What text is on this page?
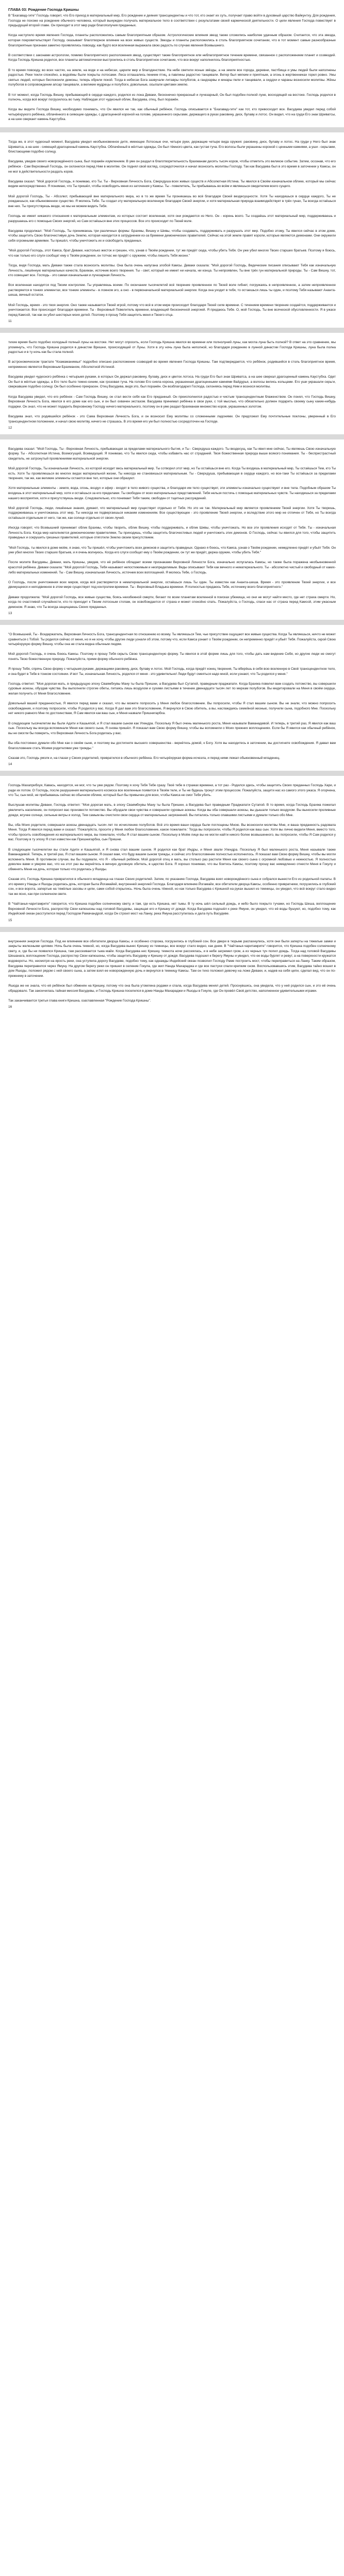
ГЛАВА 03: Рождение Господа Кришны

В "Бхагавад-гите" Господь говорит, что Его приход в материальный мир, Его рождение и деяния трансцендентны и что тот, кто знает их суть, получает право войти в духовный царство Вайкунтху. Для рождения, Господа не похоже на рождение обычного человека, который вынужден получать материальное тело в соответствии с результатами своей кармической деятельности. О цели явления Господа повествует в предыдущей второй главе. Он приходит в этот мир ради благополучия преданных.

Когда наступило время явления Господа, планеты расположились самым благоприятным образом. Астрологические влияния звезд также сложились наиболее удачным образом. Считается, что эта звезда, которая покровительствует Господу, оказывает благотворное влияние на всех живых существ. Звезды и планеты расположились в столь благоприятном сочетании, что в тот момент самые разнообразные благоприятные признаки заметно проявлялись повсюду, как будто вся вселенная выражала свою радость по случаю явления Всевышнего.

В соответствии с законами астрологии, помимо благоприятного расположения звезд, существует также благоприятное или неблагоприятное течение времени, связанное с расположением планет и созвездий. Когда Господь Кришна родился, все планеты автоматически выстроились в столь благоприятное сочетание, что все вокруг наполнилось благоприятностью.

В то время повсюду, во всех частях, на земле, на воде и на небесах, царили мир и благоденствие. На небе светили ясные звёзды, а на земле все города, деревни, пастбища и умы людей были наполнены радостью. Реки текли спокойно, а водоёмы были покрыты лотосами. Леса оглашались пением птиц, а павлины радостно танцевали. Ветер был мягким и приятным, а огонь в жертвенниках горел ровно. Умы святых людей, которых беспокоили демоны, теперь обрели покой. Тогда в небесах Бога зазвучали литавры полубогов, а гандхарвы и кинары пели и танцевали, а сиддхи и чараны возносили молитвы. Жёны полубогов в сопровождении апсар танцевали, а великие мудрецы и полубоги, довольные, осыпали цветами землю.

В тот момент, когда Господь Вишну, пребывающий в сердце каждого, родился из лона Деваки, бесконечно прекрасный и лучезарный, Он был подобен полной луне, восходящей на востоке. Господь родился в полночь, когда всё вокруг погрузилось во тьму. Наблюдая этот чудесный облик, Васудева, отец, был поражён.

Когда вы видите Господа Вишну, необходимо понимать, что Он явился не так, как обычный ребёнок. Господь описывается в "Бхагавад-гите" как тот, кто превосходит все. Васудева увидел перед собой четырёхрукого ребёнка, облачённого в сияющие одежды, с драгоценной короной на голове, украшенного серьгами, держащего в руках раковину, диск, булаву и лотос. Он видел, что на груди Его знак Шриватсы, а на шее сверкает камень Каустубха.

Тогда же, в этот чудесный момент, Васудева увидел необыкновенное дитя, имеющее Лотосные очи, четыре руки, держащие четыре вида оружия: раковину, диск, булаву и лотос. На груди у Него был знак Шриватса, а на шее - сияющий драгоценный камень Каустубха. Облачённый в жёлтые одежды, Он был тёмного цвета, как густая туча. Его волосы были украшены короной с ценными камнями, а уши - серьгами, блистающими подобно солнцу.

Васудева, увидев своего новорождённого сына, был поражён изумлением. В уме он раздал в благотворительность брахманам десять тысяч коров, чтобы отметить это великое событие. Затем, осознав, что его ребёнок - Сам Верховный Господь, он склонился перед Ним в молитве. Он поднял свой взгляд, сосредоточился и начал возносить молитвы Господу. Так как Васудева был в это время в заточении у Камсы, он не мог в действительности раздать коров.

Васудева сказал: "Мой дорогой Господь, я понимаю, кто Ты. Ты - Верховная Личность Бога, Сверхдуша всех живых существ и Абсолютная Истина. Ты явился в Своём изначальном облике, который мы сейчас видим непосредственно. Я понимаю, что Ты пришёл, чтобы освободить меня из заточения у Камсы. Ты - повелитель, Ты пребываешь во всём и являешься свидетелем всего сущего.

Мой дорогой Господь, Ты - Абсолют, пребывающий вне материального мира, но в то же время Ты проникаешь во всё благодаря Своей вездесущности. Хотя Ты находишься в сердце каждого, Ты не рождаешься, как обыкновенное существо. Я молюсь Тебе. Ты создал эту материальную вселенную благодаря Своей энергии, и хотя материальная природа взаимодействует в трёх гунах, Ты всегда остаёшься вне них. Ты присутствуешь везде, но мы не можем видеть Тебя.

Господь не имеет никакого отношения к материальным элементам, из которых состоит вселенная, хотя они рождаются из Него. Он - корень всего. Ты создаёшь этот материальный мир, поддерживаешь и разрушаешь его с помощью Своих энергий, но Сам остаёшься вне этих процессов. Все это происходит по Твоей воле.

Васудева продолжал: "Мой Господь, Ты принимаешь три различных формы: Брахмы, Вишну и Шивы, чтобы создавать, поддерживать и разрушать этот мир. Подобно этому, Ты явился сейчас в этом доме, чтобы защитить Свою благочестивую дочь Землю, которая находится в затруднении из-за бремени демонических правителей. Сейчас на этой земле правят короли, которые являются демонами. Они окружили себя огромными армиями. Ты пришёл, чтобы уничтожить их и освободить преданных.

"Мой дорогой Господь, этот Камса, брат Деваки, настолько жесток и грешен, что, узнав о Твоём рождении, тут же придёт сюда, чтобы убить Тебя. Он уже убил многих Твоих старших братьев. Поэтому я боюсь, что как только его слуги сообщат ему о Твоём рождении, он тотчас же придёт с оружием, чтобы лишить Тебя жизни."

Тогда, видя Господа, мать Деваки также стала возносить молитвы. Она была очень напугана злобой Камсы. Деваки сказала: "Мой дорогой Господь, Ведические писания описывают Тебя как изначальную Личность, лишённую материальных качеств, Брахман, источник всего творения. Ты - свет, который не имеет ни начала, ни конца. Ты непроявлен, Ты вне трёх гун материальной природы. Ты - Сам Вишну, тот, кто освещает все. Господь - это самая изначальная и лучезарная Личность.

Вся вселенная находится под Твоим контролем. Ты управляешь всеми. По окончании тысячелетий всё творение проявленное по Твоей воле гибнет, погружаясь в непроявленное, а затем непроявленное растворяется в тонких элементах, все тонкие элементы - в ложном эго, а оно - в первоначальной материальной энергии. Когда она уходит в тебя, то остаешься лишь ты один, и поэтому Тебя называют Ананта-шеша, вечный остаток.

Мой Господь, время - это твоя энергия. Оно также называется Твоей игрой, потому что всё в этом мире происходит благодаря Твоей силе времени. С течением времени творение создаётся, поддерживается и уничтожается. Все происходит благодаря времени. Ты - Верховный Повелитель времени, владеющий бесконечной энергией. Я предаюсь Тебе. О, мой Господь, Ты вне всяческой обусловленности. Я в ужасе перед Камсой, так как он убил шестерых моих детей. Поэтому я прошу Тебя защитить меня и Твоего отца.

11

тихие время было подобно холодный полный луны на востоке. Нет могут спросить, если Господь Кришна явился во времени или полнолуний луны, как могла луна быть полной? В ответ на это сравнение, мы упомянуть, что Господь Кришна родился в династии Вришни, происходящей от Луны. Хотя в эту ночь луна была неполной, но благодаря рождению в лунной династии Господа Кришны, луна была полна радостью и в ту ночь как бы стала полной.

В астрономическом трактате "Кхамаманиккья" подробно описано расположение созвездий во время явления Господа Кришны. Там подтверждается, что ребёнок, родившийся в столь благоприятное время, непременно является Верховным Брахманом, Абсолютной Истиной.

Васудева увидел чудесного ребёнка с четырьмя руками, в которых Он держал раковину, булаву, диск и цветок лотоса. На груди Его был знак Шриватса, а на шее сверкал драгоценный камень Каустубха. Одет Он был в жёлтые одежды, а Его тело было темно-синим, как грозовая туча. На голове Его сияла корона, украшенная драгоценными камнями Вайдурья, а волосы вились кольцами. Его уши украшали серьги, сверкавшие подобно солнцу. Он был особенно прекрасен. Отец Васудева, видя это, был поражён. Он возблагодарил Господа, склоняясь перед Ним и вознося молитвы.

Когда Васудева увидел, что его ребёнок - Сам Господь Вишну, он стал вести себя как Его преданный. Он преисполнился радостью и чистым трансцендентным блаженством. Он понял, что Господь Вишну, Верховная Личность Бога, явился в его доме как его сын, и он был охвачен экстазом. Васудева принимал ребёнка в свои руки, с той мыслью, что обязательно должен подарить своему сыну какие-нибудь подарки. Он знал, что не может подарить Верховному Господу ничего материального, поэтому он в уме раздал брахманам множество коров, украшенных золотом.

Васудева знал, что родившийся ребёнок - это Сама Верховная Личность Бога, и он возносил Ему молитвы со сложенными ладонями. Он предложил Ему почтительные поклоны, уверенный в Его трансцендентном положении, и начал свою молитву, ничего не страшась. В это время его ум был полностью сосредоточен на Господе.

12

Васудева сказал: "Мой Господь, Ты - Верховная Личность, пребывающая за пределами материального бытия, и Ты - Сверхдуша каждого. Ты вездесущ, как Ты явил мне сейчас, Ты являешь Свою изначальную форму. Ты - Абсолютная Истина, Всемогущий, Всеведущий. Я понимаю, что Ты явился сюда, чтобы избавить нас от страданий. Твоя божественная природа выше всякого понимания. Ты - беспристрастный свидетель, не затронутый проявлениями материальной энергии.

Мой дорогой Господь, Ты изначальная Личность, из которой исходит весь материальный мир. Ты сотворил этот мир, но Ты остаёшься вне его. Когда Ты входишь в материальный мир, Ты остаёшься Тем, кто Ты есть. Хотя Ты проявляешься во многих видах материальной жизни, Ты никогда не становишься материальным. Ты - Сверхдуша, пребывающая в сердце каждого, но все-таки Ты остаёшься за пределами творения, так же, как великие элементы остаются вне тел, которые они образуют.

Хотя материальные элементы - земля, вода, огонь, воздух и эфир - входят в тело живого существа, и благодаря им тело существует, эти элементы изначально существуют и вне тела. Подобным образом Ты входишь в этот материальный мир, хотя и остаёшься за его пределами. Ты свободен от всех материальных представлений. Тебя нельзя постичь с помощью материальных чувств. Ты находишься за пределами нашего восприятия, хотя и присутствуешь везде. Следовательно, кто понимает Тебя таким, свободен от тщетных рассуждений.

Мой дорогой Господь, люди, лишённые знания, думают, что материальный мир существует отдельно от Тебя. Но это не так. Материальный мир является проявлением Твоей энергии. Хотя Ты творишь, поддерживаешь и уничтожаешь этот мир, Ты никогда не подвергаешься никаким изменениям. Все существующее - это проявление Твоей энергии, и вследствие этого мир не отличен от Тебя, но Ты всегда остаёшься отдельным от него, так же, как солнце отдельно от своих лучей.

Иногда говорят, что Всевышний принимает облик Брахмы, чтобы творить, облик Вишну, чтобы поддерживать, и облик Шивы, чтобы уничтожать. Но все эти проявления исходят от Тебя. Ты - изначальная Личность Бога. Когда мир наполняется демоническими правителями, Ты приходишь, чтобы защитить благочестивых людей и уничтожить этих демонов. О Господь, сейчас ты явился для того, чтобы защитить праведных и сокрушить грешных правителей, которые отяготили Землю своим присутствием.

"Мой Господь, ты явился в доме моём, я знаю, что Ты пришёл, чтобы уничтожить всех демонов и защитить праведных. Однако я боюсь, что Камса, узнав о Твоём рождении, немедленно придёт и убьёт Тебя. Он уже убил многих Твоих старших братьев, и я очень волнуюсь. Когда его слуги сообщат ему о Твоём рождении, он тут же придёт, держа оружие, чтобы убить Тебя."

После молитв Васудевы, Деваки, мать Кришны, увидев, что её ребёнок обладает всеми признаками Верховной Личности Бога, изначально испугалась Камсы, но также была поражена необыкновенной красотой ребёнка. Деваки сказала: "Мой дорогой Господь, Тебя называют непостижимым и неопределимым. Веды описывают Тебя как вечного и нематериального. Ты - абсолютно чистый и свободный от каких-либо материальных изменений. Ты - Сам Вишну, изначальная Личность, источник всех воплощений. Я молюсь Тебе, о Господь.

О Господь, после уничтожения всех миров, когда всё растворяется в нематериальной энергии, остаёшься лишь Ты один. Ты известен как Ананта-шеша. Время - это проявление Твоей энергии, и все движущееся и неподвижное в этом мире существует под контролем времени. Ты - Верховный Владыка времени. Я полностью предаюсь Тебе, источнику всего благоприятного."

Деваки продолжила: "Мой дорогой Господь, все живые существа, боясь неизбежной смерти, бегают по всем планетам вселенной в поисках убежища, но они не могут найти место, где нет страха смерти. Но, когда по счастливой случайности, кто-то приходит к Твоим лотосным стопам, он освобождается от страха и может спокойно спать. Пожалуйста, о Господь, спаси нас от страха перед Камсой, этим ужасным демоном. Я знаю, что Ты всегда защищаешь Своих преданных.

13

"О Всевышний, Ты - Вседержатель, Верховная Личность Бога, трансцендентная по отношению ко всему. Ты являешься Тем, чье присутствие ощущают все живые существа. Когда Ты являешься, ничто не может сравниться с Тобой. Ты родился сейчас от меня, но я не хочу, чтобы другие люди узнали об этом, потому что, если Камса узнает о Твоём рождении, он непременно придёт и убьёт Тебя. Пожалуйста, скрой Свою четырёхрукую форму Вишну, чтобы она не стала видна обычным людям.

Мой дорогой Господь, я очень боюсь Камсы. Поэтому я прошу Тебя скрыть Свою трансцендентную форму. Ты явился в этой форме лишь для того, чтобы дать нам видение Себя, но другие люди не смогут понять Твою божественную природу. Пожалуйста, прими форму обычного ребёнка.

Я прошу Тебя, спрячь Свою форму с четырьмя руками, держащими раковину, диск, булаву и лотос. Мой Господь, когда придёт конец творения, Ты вберёшь в себя всю вселенную в Своё трансцендентное тело, и она будет в Тебе в тонком состоянии. И вот Ты, изначальная Личность, родился от меня - это удивительно! Люди будут смеяться надо мной, если узнают, что Ты родился у меня."

Господь ответил: "Моя дорогая мать, в предыдущую эпоху Сваямбхувы Ману ты была Пришни, а Васудева был Сутапой, праведным праджапати. Когда Брахма повелел вам создать потомство, вы совершили суровые аскезы, обуздав чувства. Вы выполнили строгие обеты, питаясь лишь воздухом и сухими листьями в течение двенадцати тысяч лет по меркам полубогов. Вы медитировали на Меня в своём сердце, желая получить от Меня благословение.

Довольный вашей преданностью, Я явился перед вами и сказал, что вы можете попросить у Меня любое благословение. Вы попросили, чтобы Я стал вашим сыном. Вы не знали, что можно попросить освобождения, и поэтому попросили, чтобы Я родился у вас. Когда Я дал вам это благословение, Я вернулся в Свою обитель, а вы, наслаждаясь семейной жизнью, получили сына, подобного Мне. Поскольку нет никого равного Мне по достоинствам, Я Сам явился как ваш сын, и Меня назвали Пришнигарбха.

В следующем тысячелетии вы были Адити и Кашьяпой, и Я стал вашим сыном как Упендра. Поскольку Я был очень маленького роста, Меня называли Ваманадевой. И теперь, в третий раз, Я явился как ваш сын. Поскольку вы всегда вспоминали Меня как своего сына, Я снова пришёл. Я показал вам Свою форму Вишну, чтобы вы вспомнили о Моих прежних воплощениях. Если бы Я явился как обычный ребёнок, вы не смогли бы поверить, что Верховная Личность Бога родилась у вас.

Вы оба постоянно думали обо Мне как о своём сыне, и поэтому вы достигнете высшего совершенства - вернётесь домой, к Богу. Хотя вы находитесь в заточении, вы достигнете освобождения. Я давал вам благословение стать Моими родителями уже трижды."

Сказав это, Господь умолк и, на глазах у Своих родителей, превратился в обычного ребёнка. Его четырёхрукая форма исчезла, и перед ними лежал обыкновенный младенец.

14

Господь Махаприбхуи, Кавась, находятся, не мог, что ты уже рядом. Поэтому я хочу Тебя Тебе сразу. Твоё тебе в стражах времени, а тот раз - Родился здесь, чтобы защитить Своих преданных Господь Хари, и ради их потом. О Господь, после разрушения материального космоса все вселенные появится в Твоём теле, и Ты не будешь тронут этим процессом. Пожалуйста, защити нас из самого этого ужаса. Я огорчена, что Ты, сын мой, не пребываешь сейчас во обычном облике, который был бы привычен для всех, чтобы Камса не смог Тебя убить.

Выслушав молитвы Деваки, Господь ответил: "Моя дорогая мать, в эпоху Сваямбхувы Ману ты была Пришни, а Васудева был праведным Праджапати Сутапой. В то время, когда Господь Брахма пожелал увеличить население, он попросил вас произвести потомство. Вы обуздали свои чувства и совершили суровые аскезы. Когда вы оба совершали аскезы, вы дышали только воздухом. Вы выносили проливные дожди, жгучее солнце, сильные ветры и холод. Тем самым вы очистили свои сердца от материальных загрязнений. Вы питались только опавшими листьями и думали только обо Мне.

Вы, оба Моих родителя, совершали аскезы двенадцать тысяч лет по исчислению полубогов. Всё это время ваши сердца были поглощены Мною. Вы возносили молитвы Мне, и ваша преданность радовала Меня. Тогда Я явился перед вами и сказал: 'Пожалуйста, просите у Меня любое благословение, какое пожелаете.' Тогда вы попросили, чтобы Я родился как ваш сын. Хотя вы лично видели Меня, вместо того, чтобы просить освобождения из материального мира, вы пожелали, чтобы Я стал вашим сыном. Поскольку в Моём лице вы не могли найти никого более возвышенного, вы попросили, чтобы Я Сам родился у вас. Поэтому в ту эпоху Я стал известен как Пришнигарбха, сын Пришни.

В следующем тысячелетии вы стали Адити и Кашьяпой, и Я снова стал вашим сыном. Я родился как брат Индры, и Меня звали Упендра. Поскольку Я был маленького роста, Меня называли также Ваманадевой. Теперь, в третий раз, Я стал вашим сыном. Я сказал вам, что буду вашим сыном трижды, и сейчас это благословение полностью исполнилось. Я показал вам Свою форму Вишну, чтобы вы могли вспомнить Меня. В противном случае, вы бы подумали, что Я - обычный ребёнок. Мой дорогой отец и мать, вы столько раз растили Меня как своего сына с огромной любовью и нежностью. Я полностью доволен вами и уверяю вас, что на этот раз вы вернётесь в вечную духовную обитель, в царство Бога. Я хорошо понимаю, что вы боитесь Камсы, поэтому прошу вас немедленно отнести Меня в Гокулу и обменять Меня на дочь, которая только что родилась у Яшоды.

Сказав это, Господь Кришна превратился в обычного младенца на глазах Своих родителей. Затем, по указанию Господа, Васудева взял новорождённого сына и собрался вынести Его из родильной палаты. В это время у Нанды и Яшоды родилась дочь, которая была Йогамайей, внутренней энергией Господа. Благодаря влиянию Йогамайи, все обитатели дворца Камсы, особенно привратники, погрузились в глубокий сон, и все ворота, запертые на тяжёлые засовы и цепи, сами собой открылись. Ночь была очень тёмной, но как только Васудева с Кришной на руках вышел из темницы, он увидел, что всё вокруг стало видно так же ясно, как при солнечном свете.

В "Чайтанья-чаритамрите" говорится, что Кришна подобен солнечному свету, и там, где есть Кришна, нет тьмы. В ту ночь шёл сильный дождь, и небо было покрыто тучами, но Господь Шеша, воплощение Верховной Личности Бога, распростёр Свои капюшоны над головой Васудевы, защищая его и Кришну от дождя. Когда Васудева подошёл к реке Ямуне, он увидел, что её воды бушуют, но, подобно тому, как Индийский океан расступился перед Господом Рамачандрой, когда Он строил мост на Ланку, река Ямуна расступилась и дала путь Васудеве.

15

внутренняя энергия Господа. Под ее влиянием все обитатели дворца Камсы, и особенно сторожа, погрузились в глубокий сон. Все двери в тюрьме распахнулись, хотя они были заперты на тяжелые замки и закрыты железными цепями. Ночь была очень темной, но, когда Васудева вынес Кришну из темницы, все вокруг стало видно, как днем. В "Чайтанья-чаритамрите" говорится, что Кришна подобен солнечному свету, и, где бы ни появился Кришна, там рассеивается тьма майи. Когда Васудева нес Кришну, темнота ночи рассеялась, и в небе загремел гром, а из черных туч полил дождь. Тогда над головой Васудевы Шешанага, воплощение Господа, распростер Свои капюшоны, чтобы защитить Васудеву и Кришну от дождя. Васудева подошел к берегу Ямуны и увидел, что ее воды бурлят и ревут, а на поверхности кружатся водовороты. Но, несмотря на ярость реки, она уступила дорогу Васудеве, подобно тому, как однажды Индийский океан позволил Господу Раме построить мост, чтобы переправиться на Ланку. Таким образом, Васудева переправился через Ямуну. На другом берегу реки он пришел в селение Гокула, где жил Нанда Махараджа и где все пастухи спали крепким сном. Воспользовавшись этим, Васудева тайно вошел в дом Яшоды, положил рядом с ней своего сына, а затем взял ее новорожденную дочь и вернулся в темницу Камсы. Там он тихо положил девочку на ложе Деваки, и, надев на себя цепи, сделал вид, что он по-прежнему в заточении.

Яшода же не знала, что её ребёнок был обменян на Кришну, потому что она была утомлена родами и спала, когда Васудева менял детей. Проснувшись, она увидела, что у неё родился сын, и это её очень обрадовало. Так закончилась тайная миссия Васудевы, и Господь Кришна поселился в доме Нанды Махараджи и Яшоды в Гокуле, где Он провёл Своё детство, наполненное удивительными играми.

Так заканчивается третья глава книги Кришна, озаглавленная "Рождение Господа Кришны".

16
